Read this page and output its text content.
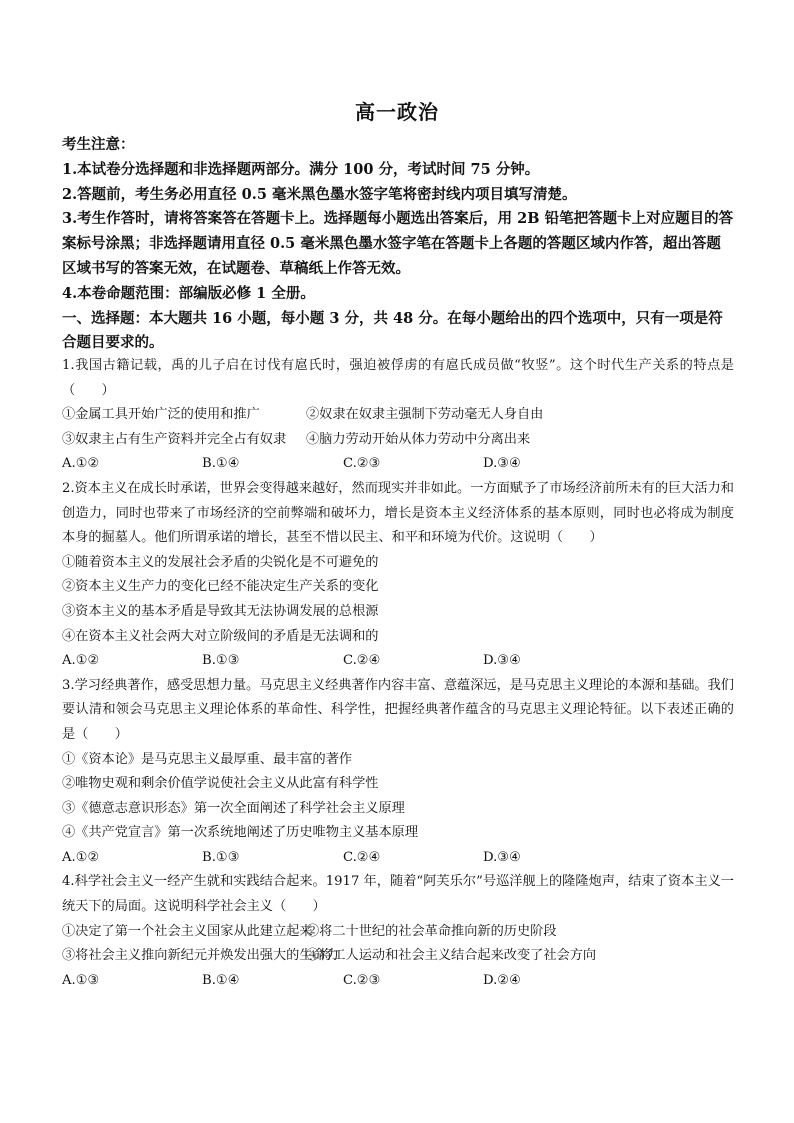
高一政治

考生注意：

1.本试卷分选择题和非选择题两部分。满分 100 分，考试时间 75 分钟。

2.答题前，考生务必用直径 0.5 毫米黑色墨水签字笔将密封线内项目填写清楚。

3.考生作答时，请将答案答在答题卡上。选择题每小题选出答案后，用 2B 铅笔把答题卡上对应题目的答案标号涂黑；非选择题请用直径 0.5 毫米黑色墨水签字笔在答题卡上各题的答题区域内作答，超出答题区域书写的答案无效，在试题卷、草稿纸上作答无效。

4.本卷命题范围：部编版必修 1 全册。

一、选择题：本大题共 16 小题，每小题 3 分，共 48 分。在每小题给出的四个选项中，只有一项是符合题目要求的。

1.我国古籍记载，禹的儿子启在讨伐有扈氏时，强迫被俘虏的有扈氏成员做“牧竖”。这个时代生产关系的特点是（　　）

①金属工具开始广泛的使用和推广	②奴隶在奴隶主强制下劳动毫无人身自由
③奴隶主占有生产资料并完全占有奴隶	④脑力劳动开始从体力劳动中分离出来
A.①②	B.①④	C.②③	D.③④

2.资本主义在成长时承诺，世界会变得越来越好，然而现实并非如此。一方面赋予了市场经济前所未有的巨大活力和创造力，同时也带来了市场经济的空前弊端和破坏力，增长是资本主义经济体系的基本原则，同时也必将成为制度本身的掘墓人。他们所谓承诺的增长，甚至不惜以民主、和平和环境为代价。这说明（　　）

①随着资本主义的发展社会矛盾的尖锐化是不可避免的
②资本主义生产力的变化已经不能决定生产关系的变化
③资本主义的基本矛盾是导致其无法协调发展的总根源
④在资本主义社会两大对立阶级间的矛盾是无法调和的
A.①②	B.①③	C.②④	D.③④

3.学习经典著作，感受思想力量。马克思主义经典著作内容丰富、意蕴深远，是马克思主义理论的本源和基础。我们要认清和领会马克思主义理论体系的革命性、科学性，把握经典著作蕴含的马克思主义理论特征。以下表述正确的是（　　）

①《资本论》是马克思主义最厚重、最丰富的著作
②唯物史观和剩余价值学说使社会主义从此富有科学性
③《德意志意识形态》第一次全面阐述了科学社会主义原理
④《共产党宣言》第一次系统地阐述了历史唯物主义基本原理
A.①②	B.①③	C.②④	D.③④

4.科学社会主义一经产生就和实践结合起来。1917 年，随着“阿芙乐尔”号巡洋舰上的隆隆炮声，结束了资本主义一统天下的局面。这说明科学社会主义（　　）

①决定了第一个社会主义国家从此建立起来
②将二十世纪的社会革命推向新的历史阶段
③将社会主义推向新纪元并焕发出强大的生命力
④将工人运动和社会主义结合起来改变了社会方向
A.①③	B.①④	C.②③	D.②④
